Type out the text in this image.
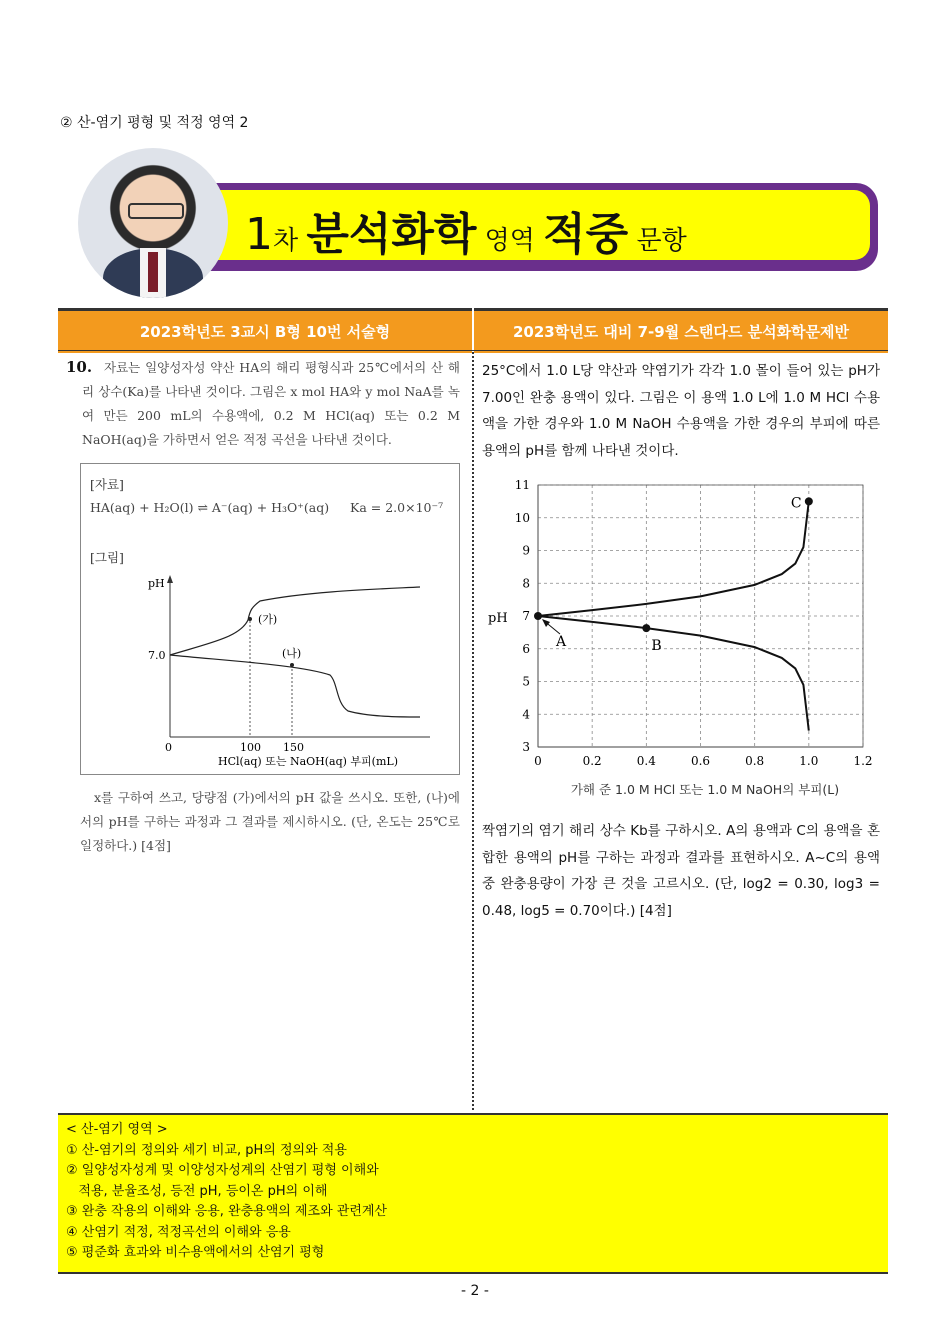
② 산-염기 평형 및 적정 영역 2
1차 분석화학 영역 적중 문항
2023학년도 3교시 B형 10번 서술형	2023학년도 대비 7-9월 스탠다드 분석화학문제반
10. 자료는 일양성자성 약산 HA의 해리 평형식과 25℃에서의 산 해리 상수(Ka)를 나타낸 것이다. 그림은 x mol HA와 y mol NaA를 녹여 만든 200 mL의 수용액에, 0.2 M HCl(aq) 또는 0.2 M NaOH(aq)을 가하면서 얻은 적정 곡선을 나타낸 것이다.
[자료]
HA(aq) + H₂O(l) ⇌ A⁻(aq) + H₃O⁺(aq) Ka = 2.0×10⁻⁷
[그림]
pH
7.0
0	100 150
HCl(aq) 또는 NaOH(aq) 부피(mL)
(가)
(나)
x를 구하여 쓰고, 당량점 (가)에서의 pH 값을 쓰시오. 또한, (나)에서의 pH를 구하는 과정과 그 결과를 제시하시오. (단, 온도는 25℃로 일정하다.) [4점]
25°C에서 1.0 L당 약산과 약염기가 각각 1.0 몰이 들어 있는 pH가 7.00인 완충 용액이 있다. 그림은 이 용액 1.0 L에 1.0 M HCl 수용액을 가한 경우와 1.0 M NaOH 수용액을 가한 경우의 부피에 따른 용액의 pH를 함께 나타낸 것이다.
0	0.2	0.4	0.6	0.8	1.0	1.2
3
4
5
6
7
8
9
10
11
A	B
C
pH
가해 준 1.0 M HCl 또는 1.0 M NaOH의 부피(L)
짝염기의 염기 해리 상수 Kb를 구하시오. A의 용액과 C의 용액을 혼합한 용액의 pH를 구하는 과정과 결과를 표현하시오. A~C의 용액 중 완충용량이 가장 큰 것을 고르시오. (단, log2 = 0.30, log3 = 0.48, log5 = 0.70이다.) [4점]
< 산-염기 영역 >
① 산-염기의 정의와 세기 비교, pH의 정의와 적용
② 일양성자성계 및 이양성자성계의 산염기 평형 이해와
적용, 분율조성, 등전 pH, 등이온 pH의 이해
③ 완충 작용의 이해와 응용, 완충용액의 제조와 관련계산
④ 산염기 적정, 적정곡선의 이해와 응용
⑤ 평준화 효과와 비수용액에서의 산염기 평형
- 2 -
